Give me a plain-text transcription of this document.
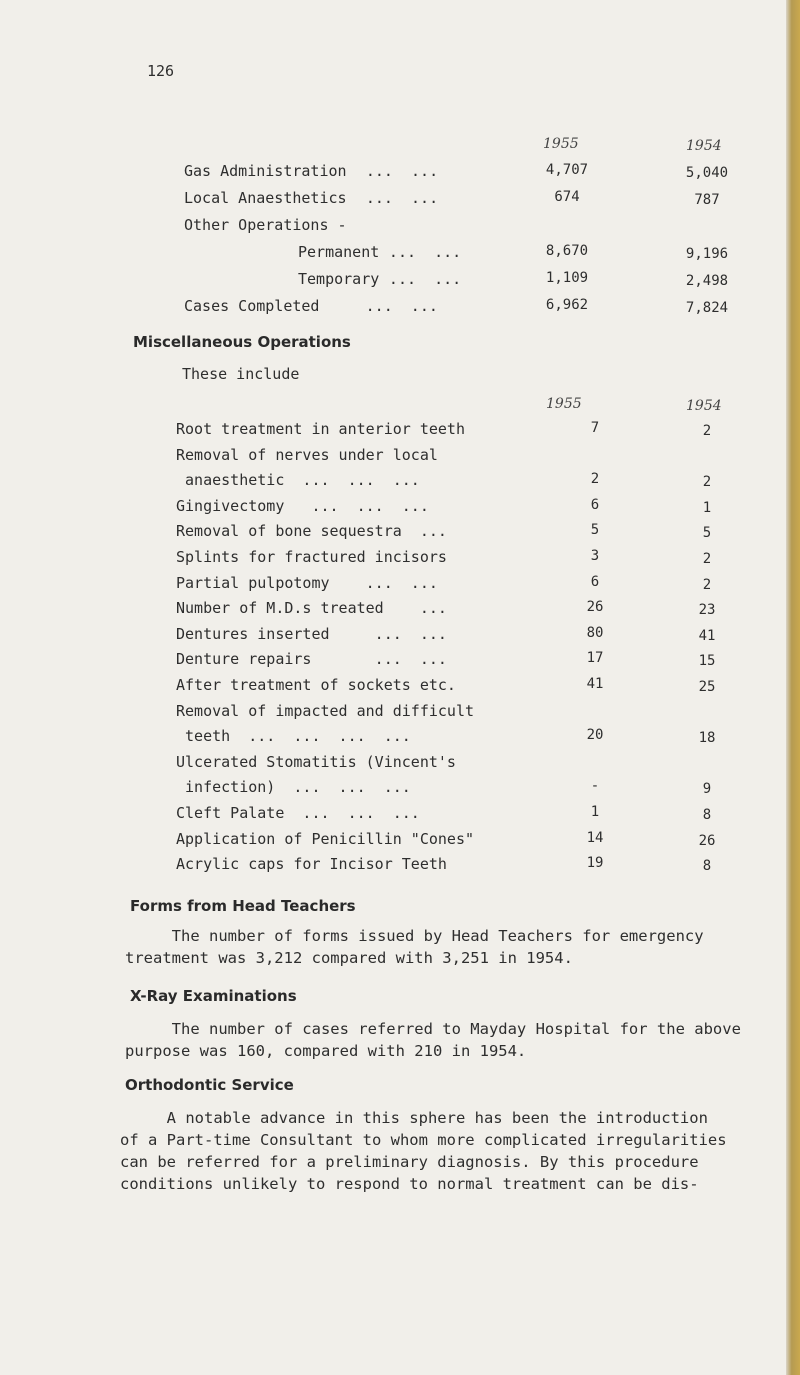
126
1955	1954
Gas Administration ...  ...	4,707	5,040
Local Anaesthetics ...  ...	674	787
Other Operations -
Permanent ...  ...	8,670	9,196
Temporary ...  ...	1,109	2,498
Cases Completed ...  ...	6,962	7,824
Miscellaneous Operations
These include
1955	1954
Root treatment in anterior teeth	7	2
Removal of nerves under local
anaesthetic  ...  ...  ...	2	2
Gingivectomy   ...  ...  ...	6	1
Removal of bone sequestra  ...	5	5
Splints for fractured incisors	3	2
Partial pulpotomy    ...  ...	6	2
Number of M.D.s treated    ...	26	23
Dentures inserted     ...  ...	80	41
Denture repairs       ...  ...	17	15
After treatment of sockets etc.	41	25
Removal of impacted and difficult
teeth  ...  ...  ...  ...	20	18
Ulcerated Stomatitis (Vincent's
infection)  ...  ...  ...	-	9
Cleft Palate  ...  ...  ...	1	8
Application of Penicillin "Cones"	14	26
Acrylic caps for Incisor Teeth	19	8
Forms from Head Teachers
The number of forms issued by Head Teachers for emergency
treatment was 3,212 compared with 3,251 in 1954.
X-Ray Examinations
The number of cases referred to Mayday Hospital for the above
purpose was 160, compared with 210 in 1954.
Orthodontic Service
A notable advance in this sphere has been the introduction
of a Part-time Consultant to whom more complicated irregularities
can be referred for a preliminary diagnosis. By this procedure
conditions unlikely to respond to normal treatment can be dis-
